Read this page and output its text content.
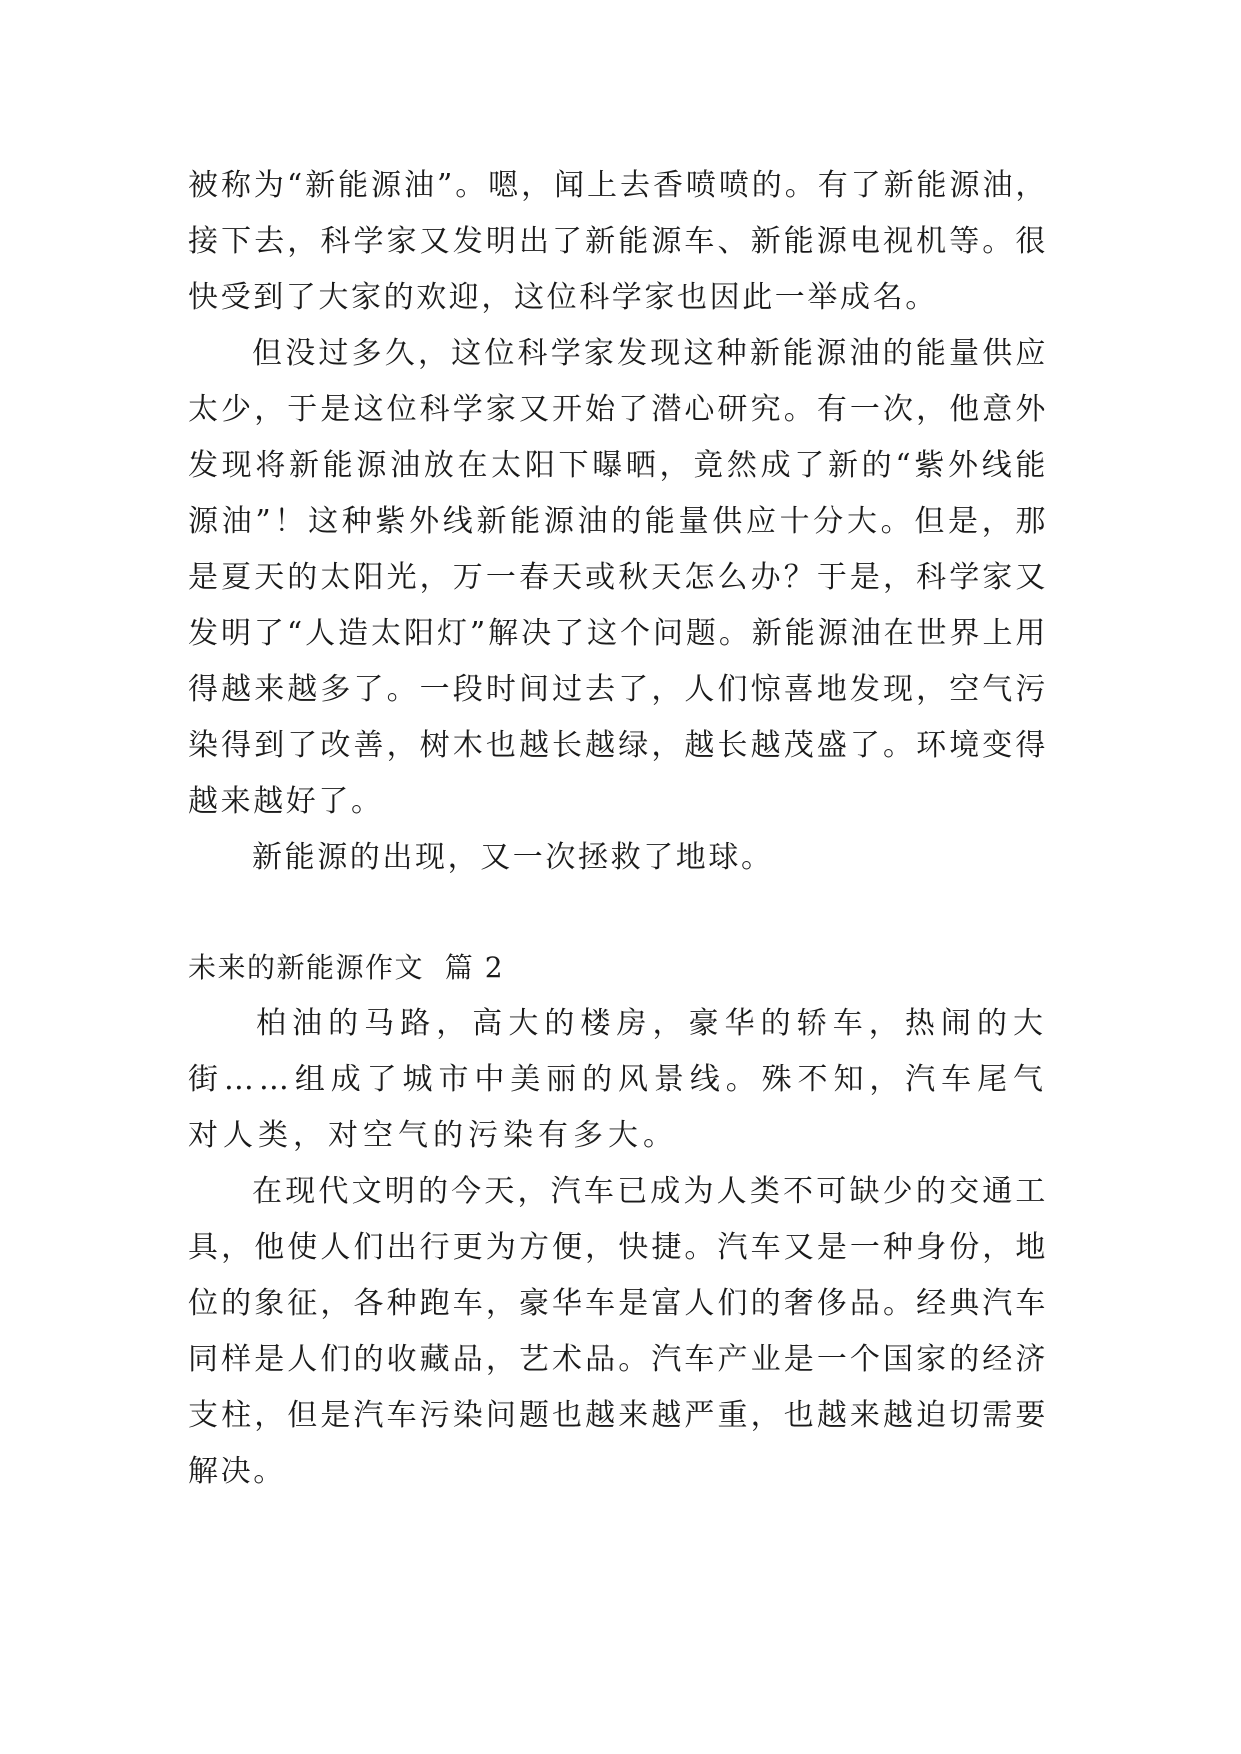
被称为“新能源油”。嗯，闻上去香喷喷的。有了新能源油，接下去，科学家又发明出了新能源车、新能源电视机等。很快受到了大家的欢迎，这位科学家也因此一举成名。

但没过多久，这位科学家发现这种新能源油的能量供应太少，于是这位科学家又开始了潜心研究。有一次，他意外发现将新能源油放在太阳下曝晒，竟然成了新的“紫外线能源油”！这种紫外线新能源油的能量供应十分大。但是，那是夏天的太阳光，万一春天或秋天怎么办？于是，科学家又发明了“人造太阳灯”解决了这个问题。新能源油在世界上用得越来越多了。一段时间过去了，人们惊喜地发现，空气污染得到了改善，树木也越长越绿，越长越茂盛了。环境变得越来越好了。

新能源的出现，又一次拯救了地球。

未来的新能源作文  篇 2

柏油的马路，高大的楼房，豪华的轿车，热闹的大街……组成了城市中美丽的风景线。殊不知，汽车尾气对人类，对空气的污染有多大。

在现代文明的今天，汽车已成为人类不可缺少的交通工具，他使人们出行更为方便，快捷。汽车又是一种身份，地位的象征，各种跑车，豪华车是富人们的奢侈品。经典汽车同样是人们的收藏品，艺术品。汽车产业是一个国家的经济支柱，但是汽车污染问题也越来越严重，也越来越迫切需要解决。
